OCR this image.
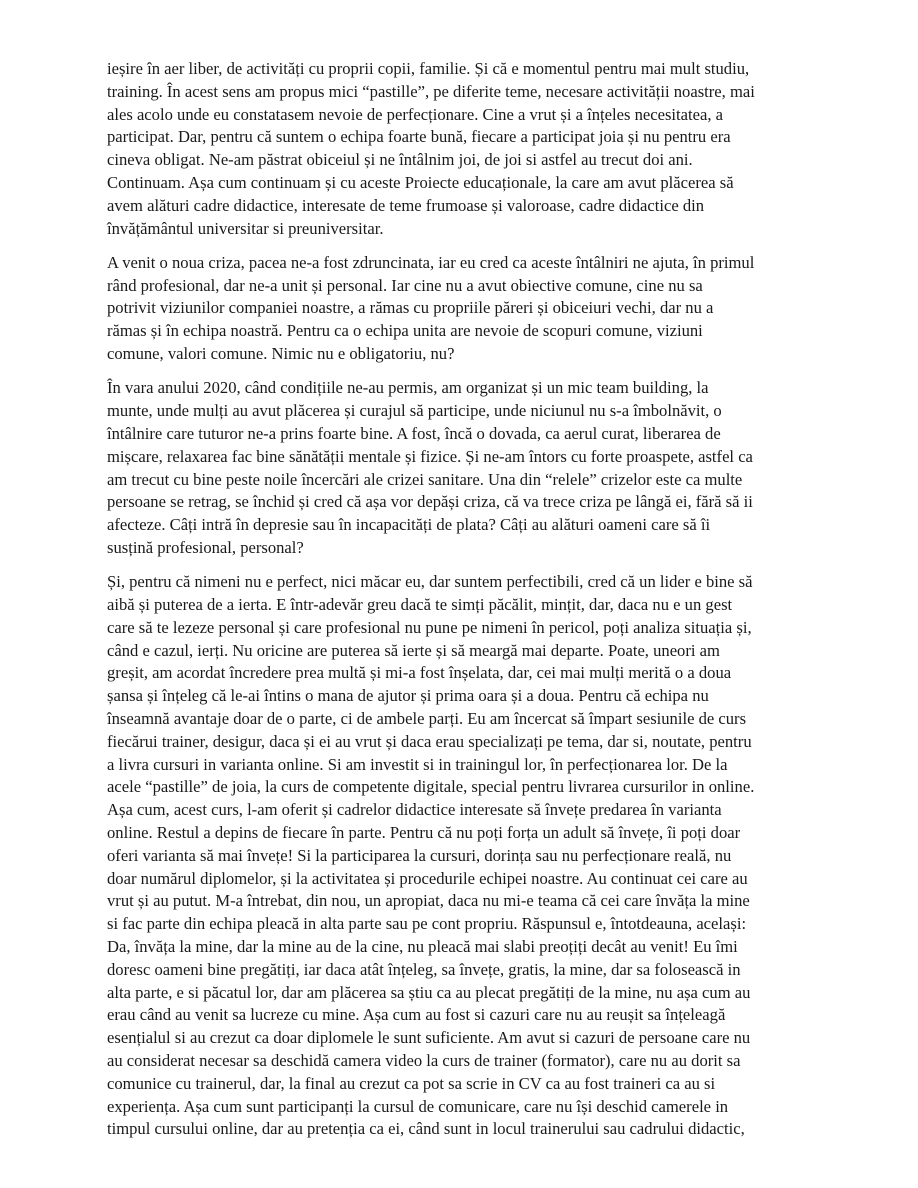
ieșire în aer liber, de activități cu proprii copii, familie. Și că e momentul pentru mai mult studiu,
training. În acest sens am propus mici “pastille”, pe diferite teme, necesare activității noastre, mai
ales acolo unde eu constatasem nevoie de perfecționare. Cine a vrut și a înțeles necesitatea, a
participat. Dar, pentru că suntem o echipa foarte bună, fiecare a participat joia și nu pentru era
cineva obligat. Ne-am păstrat obiceiul și ne întâlnim joi, de joi si astfel au trecut doi ani.
Continuam. Așa cum continuam și cu aceste Proiecte educaționale, la care am avut plăcerea să
avem alături cadre didactice, interesate de teme frumoase și valoroase, cadre didactice din
învățământul universitar si preuniversitar.

A venit o noua criza, pacea ne-a fost zdruncinata, iar eu cred ca aceste întâlniri ne ajuta, în primul
rând profesional, dar ne-a unit și personal. Iar cine nu a avut obiective comune, cine nu sa
potrivit viziunilor companiei noastre, a rămas cu propriile păreri și obiceiuri vechi, dar nu a
rămas și în echipa noastră. Pentru ca o echipa unita are nevoie de scopuri comune, viziuni
comune, valori comune. Nimic nu e obligatoriu, nu?

În vara anului 2020, când condițiile ne-au permis, am organizat și un mic team building, la
munte, unde mulți au avut plăcerea și curajul să participe, unde niciunul nu s-a îmbolnăvit, o
întâlnire care tuturor ne-a prins foarte bine. A fost, încă o dovada, ca aerul curat, liberarea de
mișcare, relaxarea fac bine sănătății mentale și fizice. Și ne-am întors cu forte proaspete, astfel ca
am trecut cu bine peste noile încercări ale crizei sanitare. Una din “relele” crizelor este ca multe
persoane se retrag, se închid și cred că așa vor depăși criza, că va trece criza pe lângă ei, fără să ii
afecteze. Câți intră în depresie sau în incapacități de plata? Câți au alături oameni care să îi
susțină profesional, personal?

Și, pentru că nimeni nu e perfect, nici măcar eu, dar suntem perfectibili, cred că un lider e bine să
aibă și puterea de a ierta. E într-adevăr greu dacă te simți păcălit, mințit, dar, daca nu e un gest
care să te lezeze personal și care profesional nu pune pe nimeni în pericol, poți analiza situația și,
când e cazul, ierți. Nu oricine are puterea să ierte și să meargă mai departe. Poate, uneori am
greșit, am acordat încredere prea multă și mi-a fost înșelata, dar, cei mai mulți merită o a doua
șansa și înțeleg că le-ai întins o mana de ajutor și prima oara și a doua. Pentru că echipa nu
înseamnă avantaje doar de o parte, ci de ambele parți. Eu am încercat să împart sesiunile de curs
fiecărui trainer, desigur, daca și ei au vrut și daca erau specializați pe tema, dar si, noutate, pentru
a livra cursuri in varianta online. Si am investit si in trainingul lor, în perfecționarea lor. De la
acele “pastille” de joia, la curs de competente digitale, special pentru livrarea cursurilor in online.
Așa cum, acest curs, l-am oferit și cadrelor didactice interesate să învețe predarea în varianta
online. Restul a depins de fiecare în parte. Pentru că nu poți forța un adult să învețe, îi poți doar
oferi varianta să mai învețe! Si la participarea la cursuri, dorința sau nu perfecționare reală, nu
doar numărul diplomelor, și la activitatea și procedurile echipei noastre. Au continuat cei care au
vrut și au putut. M-a întrebat, din nou, un apropiat, daca nu mi-e teama că cei care învăța la mine
si fac parte din echipa pleacă in alta parte sau pe cont propriu. Răspunsul e, întotdeauna, același:
Da, învăța la mine, dar la mine au de la cine, nu pleacă mai slabi preoțiți decât au venit! Eu îmi
doresc oameni bine pregătiți, iar daca atât înțeleg, sa învețe, gratis, la mine, dar sa folosească in
alta parte, e si păcatul lor, dar am plăcerea sa știu ca au plecat pregătiți de la mine, nu așa cum au
erau când au venit sa lucreze cu mine. Așa cum au fost si cazuri care nu au reușit sa înțeleagă
esențialul si au crezut ca doar diplomele le sunt suficiente. Am avut si cazuri de persoane care nu
au considerat necesar sa deschidă camera video la curs de trainer (formator), care nu au dorit sa
comunice cu trainerul, dar, la final au crezut ca pot sa scrie in CV ca au fost traineri ca au si
experiența. Așa cum sunt participanți la cursul de comunicare, care nu își deschid camerele in
timpul cursului online, dar au pretenția ca ei, când sunt in locul trainerului sau cadrului didactic,
